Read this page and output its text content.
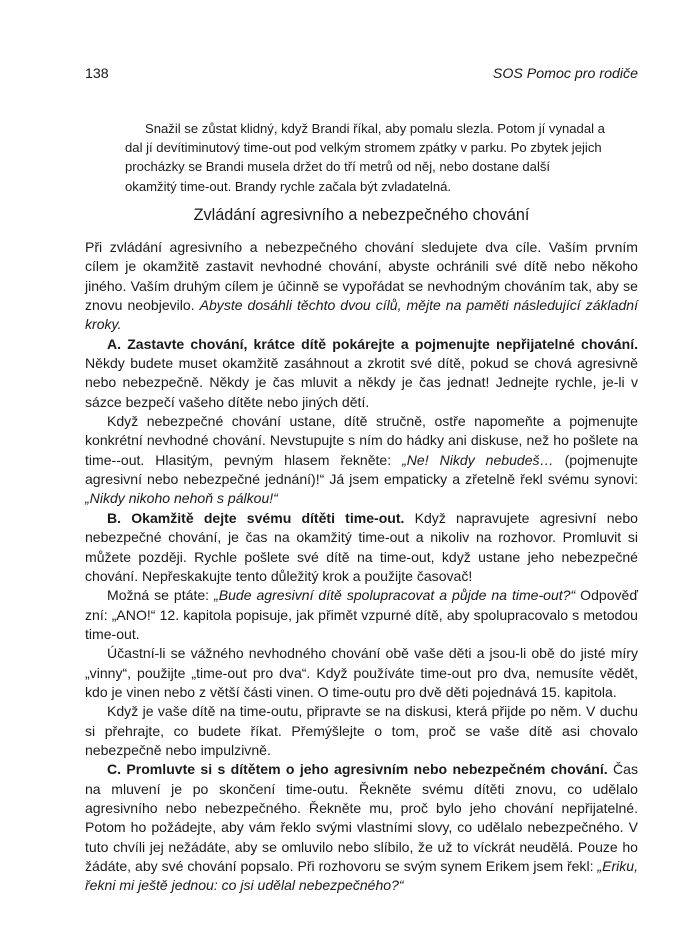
138	SOS Pomoc pro rodiče

Snažil se zůstat klidný, když Brandi říkal, aby pomalu slezla. Potom jí vynadal a dal jí devítiminutový time-out pod velkým stromem zpátky v parku. Po zbytek jejich procházky se Brandi musela držet do tří metrů od něj, nebo dostane další okamžitý time-out. Brandy rychle začala být zvladatelná.

Zvládání agresivního a nebezpečného chování

Při zvládání agresivního a nebezpečného chování sledujete dva cíle. Vaším prvním cílem je okamžitě zastavit nevhodné chování, abyste ochránili své dítě nebo někoho jiného. Vaším druhým cílem je účinně se vypořádat se nevhodným chováním tak, aby se znovu neobjevilo. Abyste dosáhli těchto dvou cílů, mějte na paměti následující základní kroky.

A. Zastavte chování, krátce dítě pokárejte a pojmenujte nepřijatelné chování. Někdy budete muset okamžitě zasáhnout a zkrotit své dítě, pokud se chová agresivně nebo nebezpečně. Někdy je čas mluvit a někdy je čas jednat! Jednejte rychle, je-li v sázce bezpečí vašeho dítěte nebo jiných dětí.

Když nebezpečné chování ustane, dítě stručně, ostře napomeňte a pojmenujte konkrétní nevhodné chování. Nevstupujte s ním do hádky ani diskuse, než ho pošlete na time--out. Hlasitým, pevným hlasem řekněte: „Ne! Nikdy nebudeš… (pojmenujte agresivní nebo nebezpečné jednání)!“ Já jsem empaticky a zřetelně řekl svému synovi: „Nikdy nikoho nehoň s pálkou!“

B. Okamžitě dejte svému dítěti time-out. Když napravujete agresivní nebo nebezpečné chování, je čas na okamžitý time-out a nikoliv na rozhovor. Promluvit si můžete později. Rychle pošlete své dítě na time-out, když ustane jeho nebezpečné chování. Nepřeskakujte tento důležitý krok a použijte časovač!

Možná se ptáte: „Bude agresivní dítě spolupracovat a půjde na time-out?“ Odpověď zní: „ANO!“ 12. kapitola popisuje, jak přimět vzpurné dítě, aby spolupracovalo s metodou time-out.

Účastní-li se vážného nevhodného chování obě vaše děti a jsou-li obě do jisté míry „vinny“, použijte „time-out pro dva“. Když používáte time-out pro dva, nemusíte vědět, kdo je vinen nebo z větší části vinen. O time-outu pro dvě děti pojednává 15. kapitola.

Když je vaše dítě na time-outu, připravte se na diskusi, která přijde po něm. V duchu si přehrajte, co budete říkat. Přemýšlejte o tom, proč se vaše dítě asi chovalo nebezpečně nebo impulzivně.

C. Promluvte si s dítětem o jeho agresivním nebo nebezpečném chování. Čas na mluvení je po skončení time-outu. Řekněte svému dítěti znovu, co udělalo agresivního nebo nebezpečného. Řekněte mu, proč bylo jeho chování nepřijatelné. Potom ho požádejte, aby vám řeklo svými vlastními slovy, co udělalo nebezpečného. V tuto chvíli jej nežádáte, aby se omluvilo nebo slíbilo, že už to víckrát neudělá. Pouze ho žádáte, aby své chování popsalo. Při rozhovoru se svým synem Erikem jsem řekl: „Eriku, řekni mi ještě jednou: co jsi udělal nebezpečného?“
